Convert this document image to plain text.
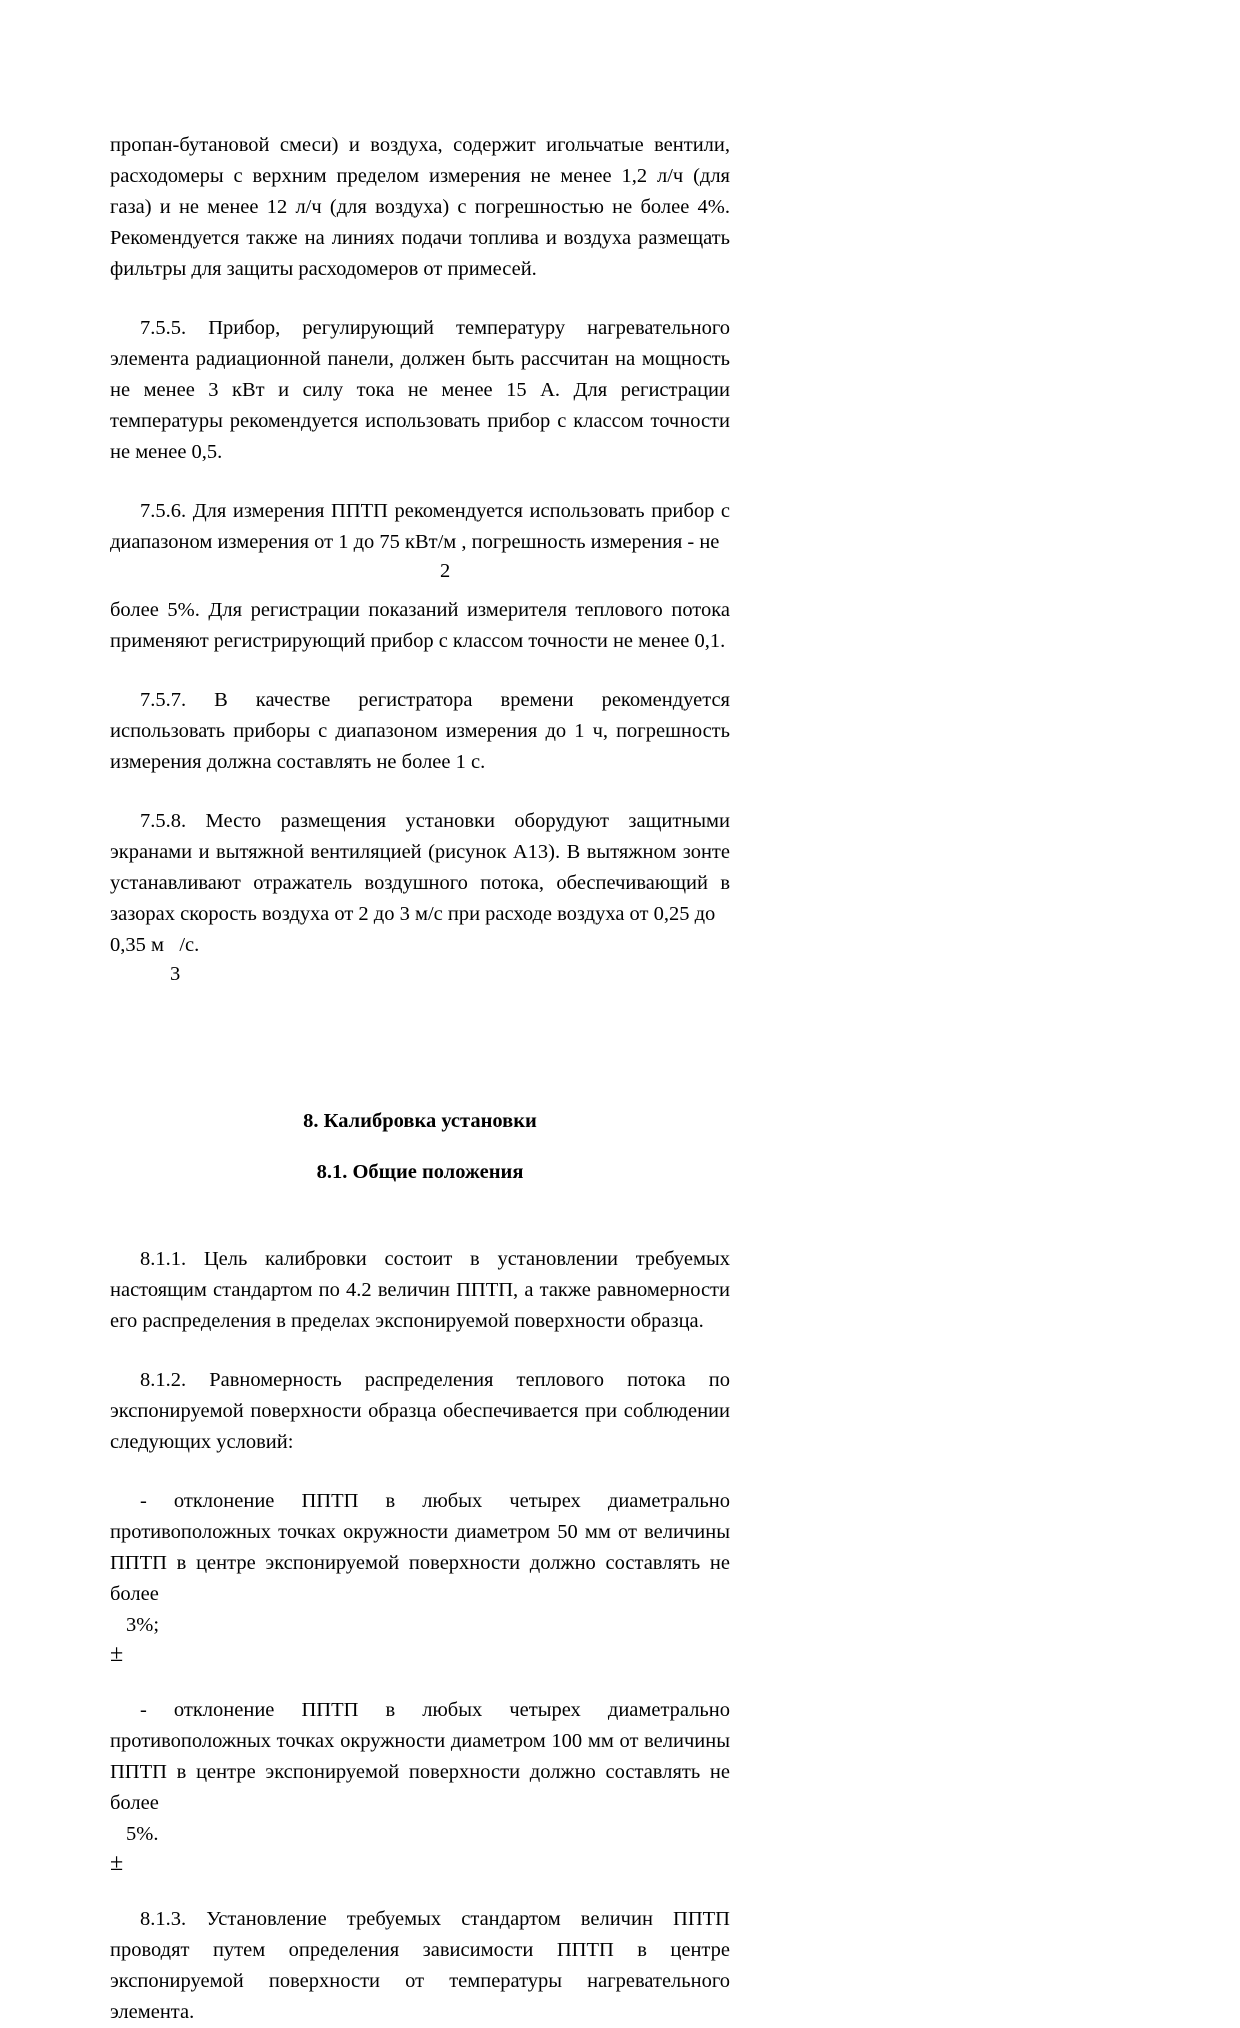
пропан-бутановой смеси) и воздуха, содержит игольчатые вентили, расходомеры с верхним пределом измерения не менее 1,2 л/ч (для газа) и не менее 12 л/ч (для воздуха) с погрешностью не более 4%. Рекомендуется также на линиях подачи топлива и воздуха размещать фильтры для защиты расходомеров от примесей.

7.5.5. Прибор, регулирующий температуру нагревательного элемента радиационной панели, должен быть рассчитан на мощность не менее 3 кВт и силу тока не менее 15 А. Для регистрации температуры рекомендуется использовать прибор с классом точности не менее 0,5.

7.5.6. Для измерения ППТП рекомендуется использовать прибор с диапазоном измерения от 1 до 75 кВт/м , погрешность измерения - не

2

более 5%. Для регистрации показаний измерителя теплового потока применяют регистрирующий прибор с классом точности не менее 0,1.

7.5.7. В качестве регистратора времени рекомендуется использовать приборы с диапазоном измерения до 1 ч, погрешность измерения должна составлять не более 1 с.

7.5.8. Место размещения установки оборудуют защитными экранами и вытяжной вентиляцией (рисунок А13). В вытяжном зонте устанавливают отражатель воздушного потока, обеспечивающий в зазорах скорость воздуха от 2 до 3 м/с при расходе воздуха от 0,25 до

0,35 м   /с.

3

8. Калибровка установки
8.1. Общие положения

8.1.1. Цель калибровки состоит в установлении требуемых настоящим стандартом по 4.2 величин ППТП, а также равномерности его распределения в пределах экспонируемой поверхности образца.

8.1.2. Равномерность распределения теплового потока по экспонируемой поверхности образца обеспечивается при соблюдении следующих условий:

- отклонение ППТП в любых четырех диаметрально противоположных точках окружности диаметром 50 мм от величины ППТП в центре экспонируемой поверхности должно составлять не более

3%;

±

- отклонение ППТП в любых четырех диаметрально противоположных точках окружности диаметром 100 мм от величины ППТП в центре экспонируемой поверхности должно составлять не более

5%.

±

8.1.3. Установление требуемых стандартом величин ППТП проводят путем определения зависимости ППТП в центре экспонируемой поверхности от температуры нагревательного элемента.
